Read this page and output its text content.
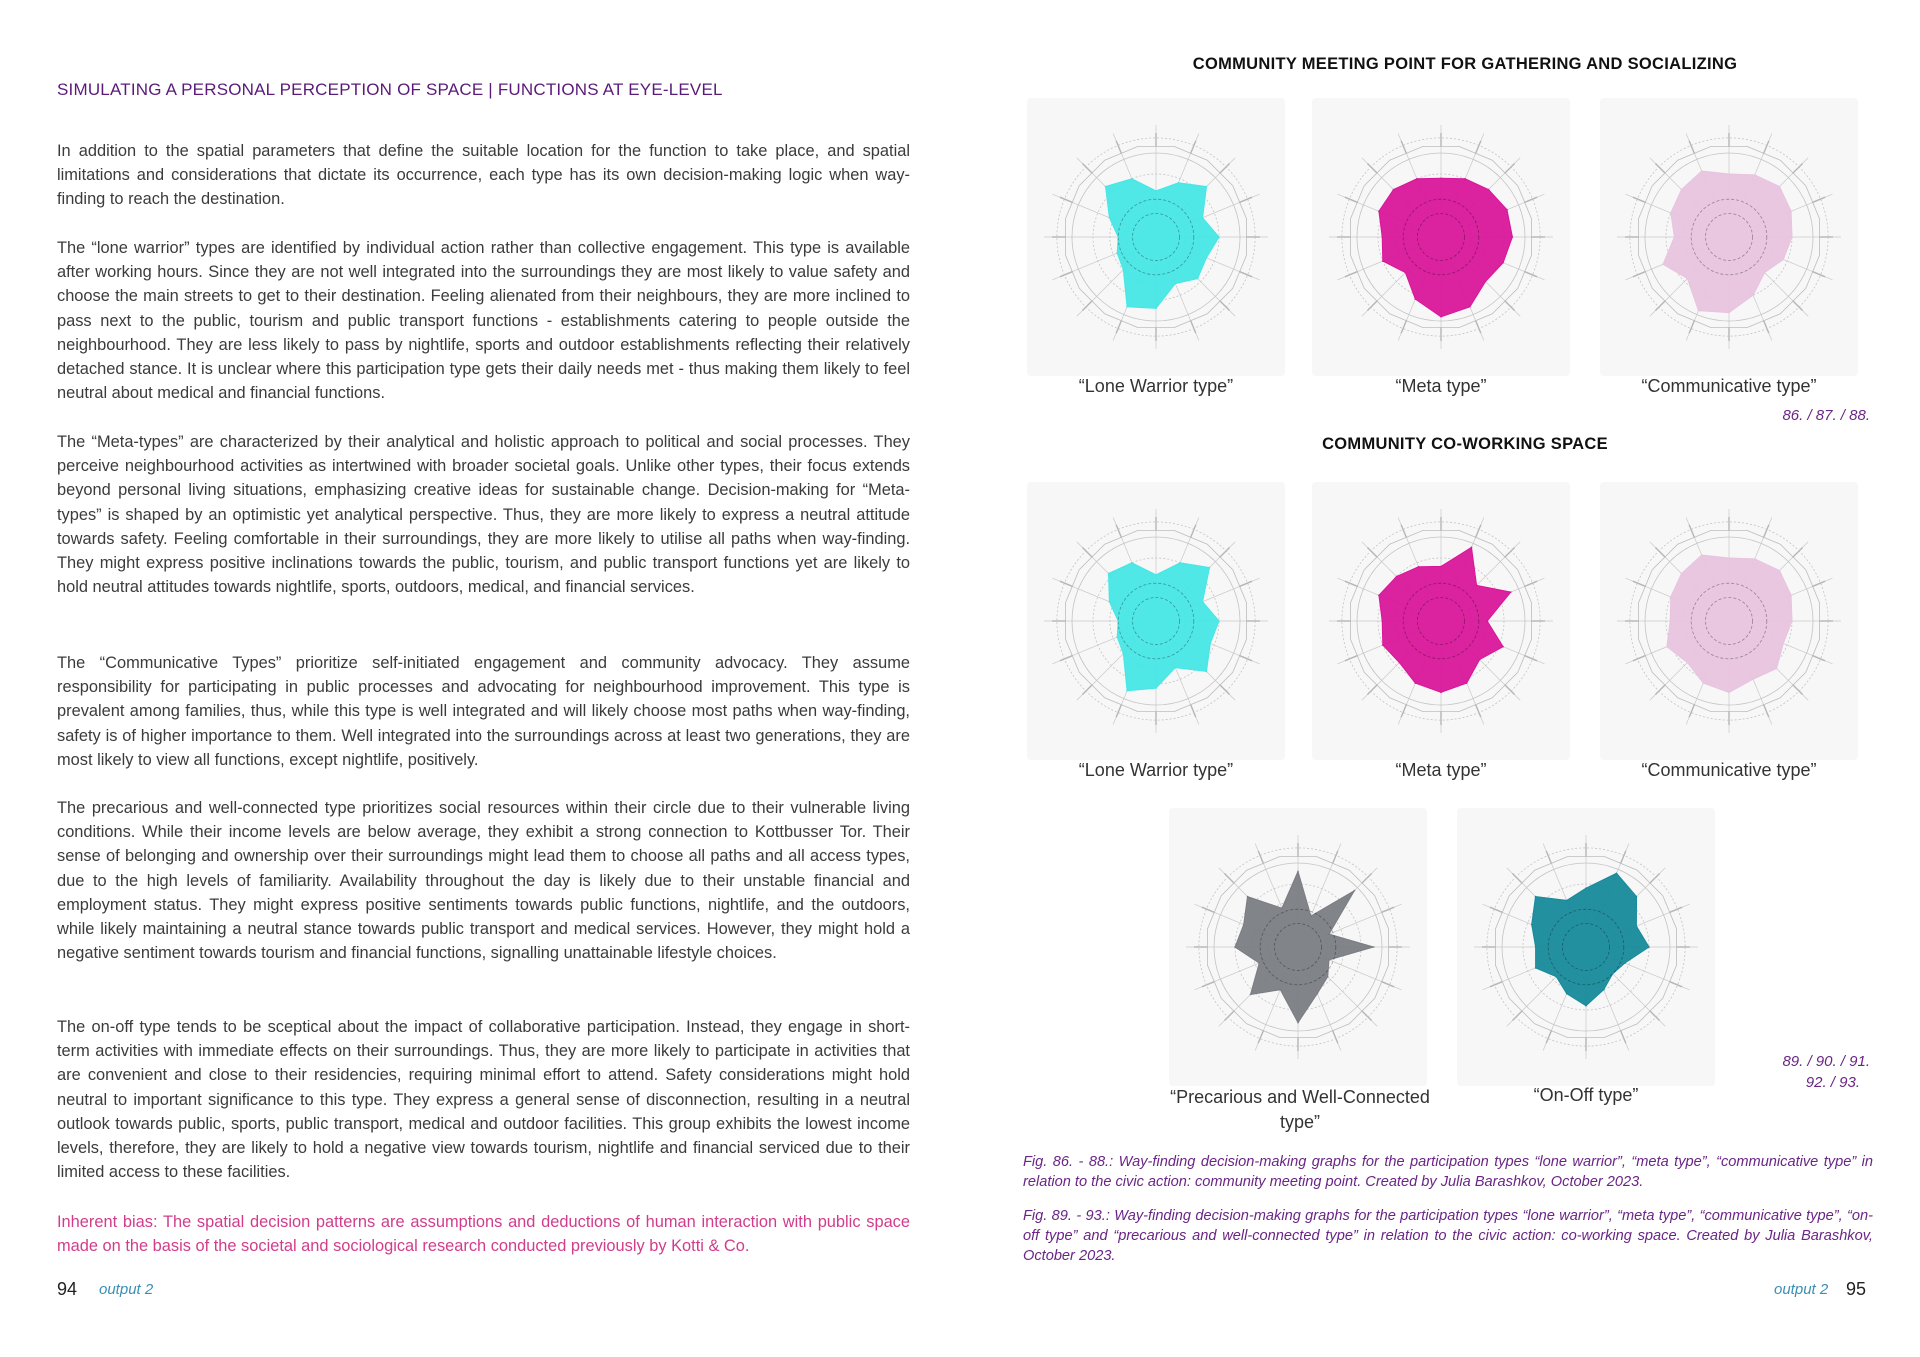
SIMULATING A PERSONAL PERCEPTION OF SPACE | FUNCTIONS AT EYE-LEVEL
In addition to the spatial parameters that define the suitable location for the function to take place, and spatial limitations and considerations that dictate its occurrence, each type has its own decision-making logic when way-finding to reach the destination.
The “lone warrior” types are identified by individual action rather than collective engagement. This type is available after working hours. Since they are not well integrated into the surroundings they are most likely to value safety and choose the main streets to get to their destination. Feeling alienated from their neighbours, they are more inclined to pass next to the public, tourism and public transport functions - establishments catering to people outside the neighbourhood. They are less likely to pass by nightlife, sports and outdoor establishments reflecting their relatively detached stance. It is unclear where this participation type gets their daily needs met - thus making them likely to feel neutral about medical and financial functions.
The “Meta-types” are characterized by their analytical and holistic approach to political and social processes. They perceive neighbourhood activities as intertwined with broader societal goals. Unlike other types, their focus extends beyond personal living situations, emphasizing creative ideas for sustainable change. Decision-making for “Meta-types” is shaped by an optimistic yet analytical perspective. Thus, they are more likely to express a neutral attitude towards safety. Feeling comfortable in their surroundings, they are more likely to utilise all paths when way-finding. They might express positive inclinations towards the public, tourism, and public transport functions yet are likely to hold neutral attitudes towards nightlife, sports, outdoors, medical, and financial services.
The “Communicative Types” prioritize self-initiated engagement and community advocacy. They assume responsibility for participating in public processes and advocating for neighbourhood improvement. This type is prevalent among families, thus, while this type is well integrated and will likely choose most paths when way-finding, safety is of higher importance to them. Well integrated into the surroundings across at least two generations, they are most likely to view all functions, except nightlife, positively.
The precarious and well-connected type prioritizes social resources within their circle due to their vulnerable living conditions. While their income levels are below average, they exhibit a strong connection to Kottbusser Tor. Their sense of belonging and ownership over their surroundings might lead them to choose all paths and all access types, due to the high levels of familiarity. Availability throughout the day is likely due to their unstable financial and employment status. They might express positive sentiments towards public functions, nightlife, and the outdoors, while likely maintaining a neutral stance towards public transport and medical services. However, they might hold a negative sentiment towards tourism and financial functions, signalling unattainable lifestyle choices.
The on-off type tends to be sceptical about the impact of collaborative participation. Instead, they engage in short-term activities with immediate effects on their surroundings. Thus, they are more likely to participate in activities that are convenient and close to their residencies, requiring minimal effort to attend. Safety considerations might hold neutral to important significance to this type. They express a general sense of disconnection, resulting in a neutral outlook towards public, sports, public transport, medical and outdoor facilities. This group exhibits the lowest income levels, therefore, they are likely to hold a negative view towards tourism, nightlife and financial serviced due to their limited access to these facilities.
Inherent bias: The spatial decision patterns are assumptions and deductions of human interaction with public space made on the basis of the societal and sociological research conducted previously by Kotti & Co.
94 output 2
COMMUNITY MEETING POINT FOR GATHERING AND SOCIALIZING
“Lone Warrior type”	“Meta type”	“Communicative type”
86. / 87. / 88.
COMMUNITY CO-WORKING SPACE
“Lone Warrior type”	“Meta type”	“Communicative type”
“Precarious and Well-Connected type”
“On-Off type”
89. / 90. / 91.
92. / 93.
Fig. 86. - 88.: Way-finding decision-making graphs for the participation types “lone warrior”, “meta type”, “communicative type” in relation to the civic action: community meeting point. Created by Julia Barashkov, October 2023.
Fig. 89. - 93.: Way-finding decision-making graphs for the participation types “lone warrior”, “meta type”, “communicative type”, “on-off type” and “precarious and well-connected type” in relation to the civic action: co-working space. Created by Julia Barashkov, October 2023.
output 2 95
